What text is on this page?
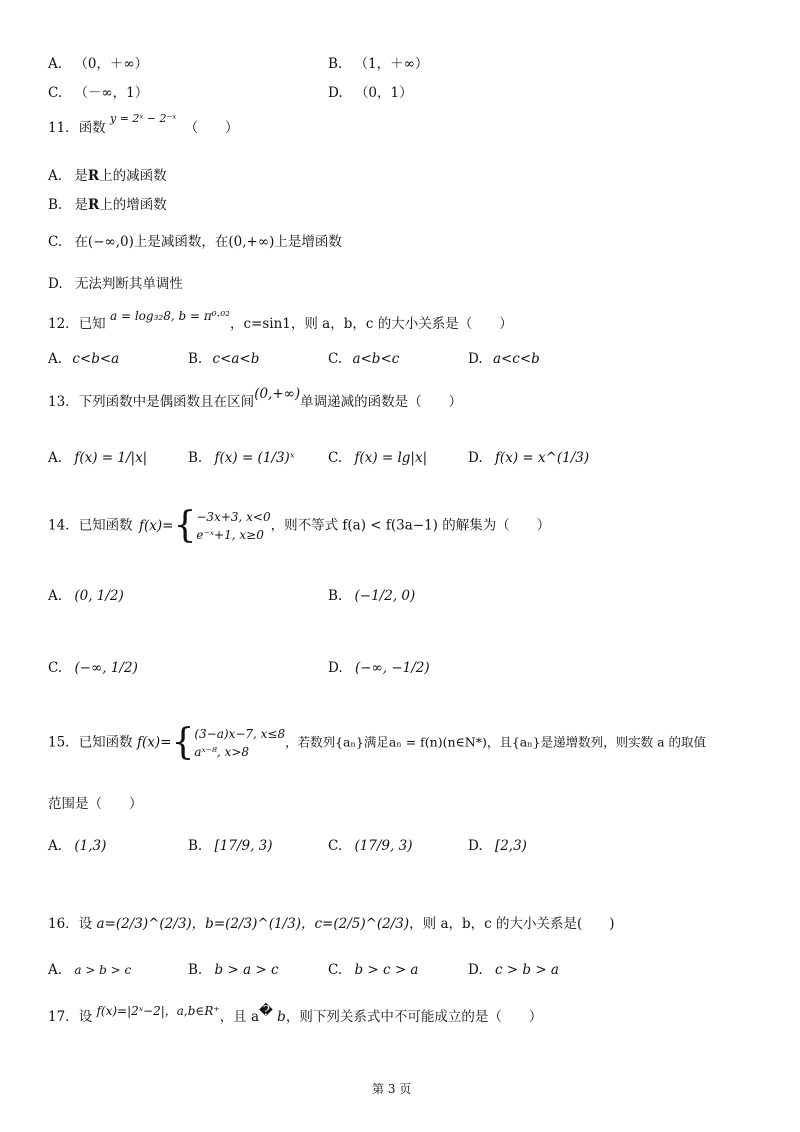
A. （0，＋∞）	B. （1，＋∞）
C. （－∞，1）	D. （0，1）
11．函数 $^{y = 2ˣ - 2^-ˣ}$ （　　）
A. 是R上的减函数
B. 是R上的增函数
C. 在(−∞,0)上是减函数，在(0,+∞)上是增函数
D. 无法判断其单调性
12．已知 a = log₃₂8, b = π⁰·⁰²，c=sin1，则 a，b，c 的大小关系是（　　）
A. c<b<a	B. c<a<b	C. a<b<c	D. a<c<b
13．下列函数中是偶函数且在区间(0,+∞)单调递减的函数是（　　）
A. f(x) = 1/|x|	B. f(x) = (1/3)ˣ C. f(x) = lg|x|	D. f(x) = x^(1/3)
14．已知函数 f(x)={ −3x+3, x<0
e⁻ˣ+1, x≥0
，则不等式 f(a) < f(3a−1) 的解集为（　　）
A. (0, 1/2)	B. (−1/2, 0)
C. (−∞, 1/2)	D. (−∞, −1/2)
15．已知函数 f(x)={ (3−a)x−7, x≤8
aˣ⁻⁸, x>8
，若数列{aₙ}满足aₙ = f(n)(n∈N*)，且{aₙ}是递增数列，则实数 a 的取值
范围是（　　）
A. (1,3)	B. [17/9, 3)	C. (17/9, 3)	D. [2,3)
16．设 a=(2/3)^(2/3)，b=(2/3)^(1/3)，c=(2/5)^(2/3)，则 a，b，c 的大小关系是(　　)
A. a > b > c	B. b > a > c	C. b > c > a	D. c > b > a
17．设 f(x)=|2ˣ−2|，a,b∈R⁺，且 a� b，则下列关系式中不可能成立的是（　　）
第 3 页
